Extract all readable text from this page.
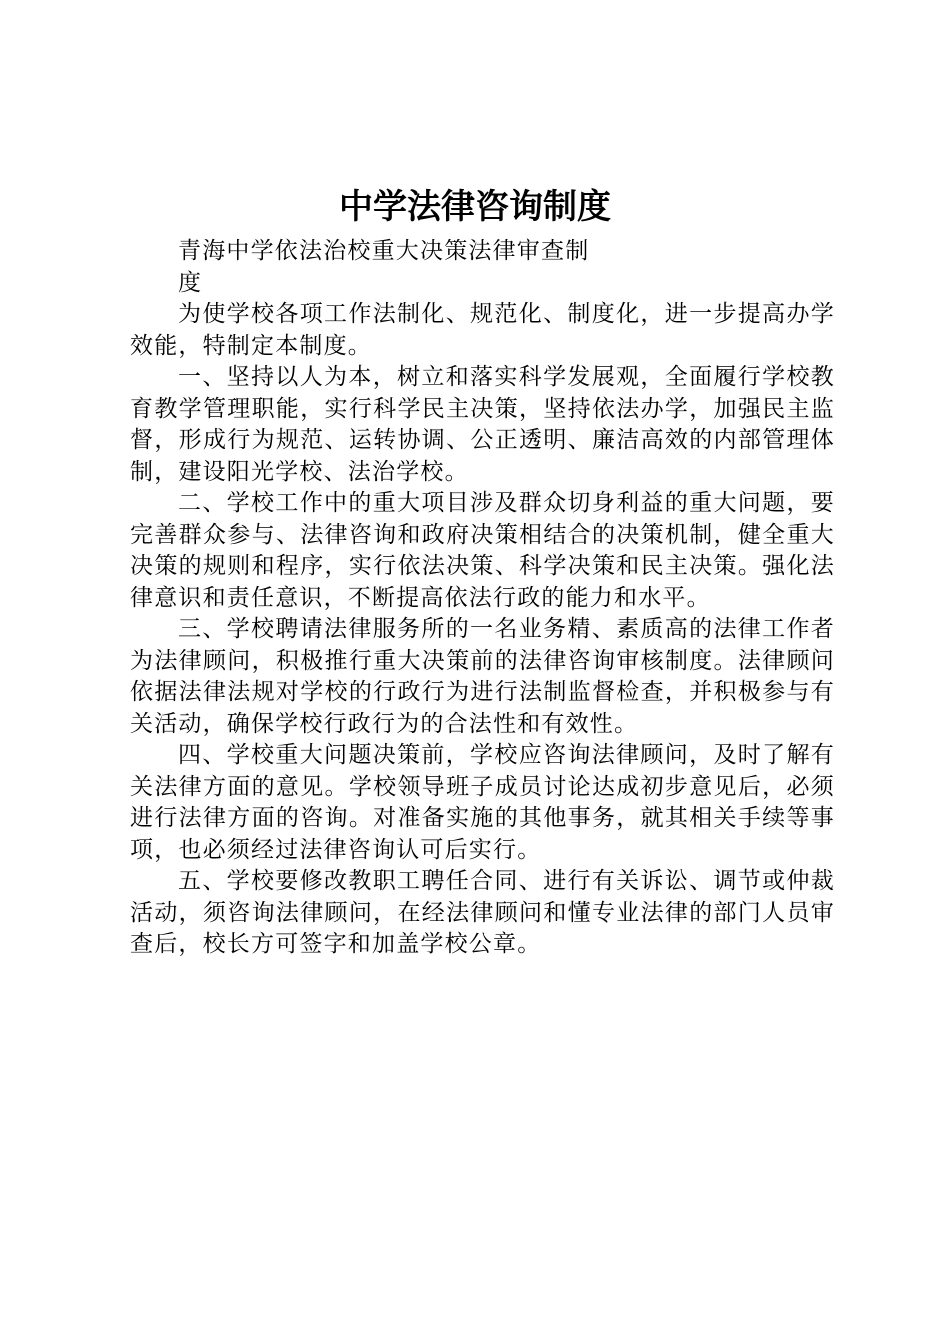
中学法律咨询制度

青海中学依法治校重大决策法律审查制度

为使学校各项工作法制化、规范化、制度化，进一步提高办学效能，特制定本制度。

一、坚持以人为本，树立和落实科学发展观，全面履行学校教育教学管理职能，实行科学民主决策，坚持依法办学，加强民主监督，形成行为规范、运转协调、公正透明、廉洁高效的内部管理体制，建设阳光学校、法治学校。

二、学校工作中的重大项目涉及群众切身利益的重大问题，要完善群众参与、法律咨询和政府决策相结合的决策机制，健全重大决策的规则和程序，实行依法决策、科学决策和民主决策。强化法律意识和责任意识，不断提高依法行政的能力和水平。

三、学校聘请法律服务所的一名业务精、素质高的法律工作者为法律顾问，积极推行重大决策前的法律咨询审核制度。法律顾问依据法律法规对学校的行政行为进行法制监督检查，并积极参与有关活动，确保学校行政行为的合法性和有效性。

四、学校重大问题决策前，学校应咨询法律顾问，及时了解有关法律方面的意见。学校领导班子成员讨论达成初步意见后，必须进行法律方面的咨询。对准备实施的其他事务，就其相关手续等事项，也必须经过法律咨询认可后实行。

五、学校要修改教职工聘任合同、进行有关诉讼、调节或仲裁活动，须咨询法律顾问，在经法律顾问和懂专业法律的部门人员审查后，校长方可签字和加盖学校公章。
